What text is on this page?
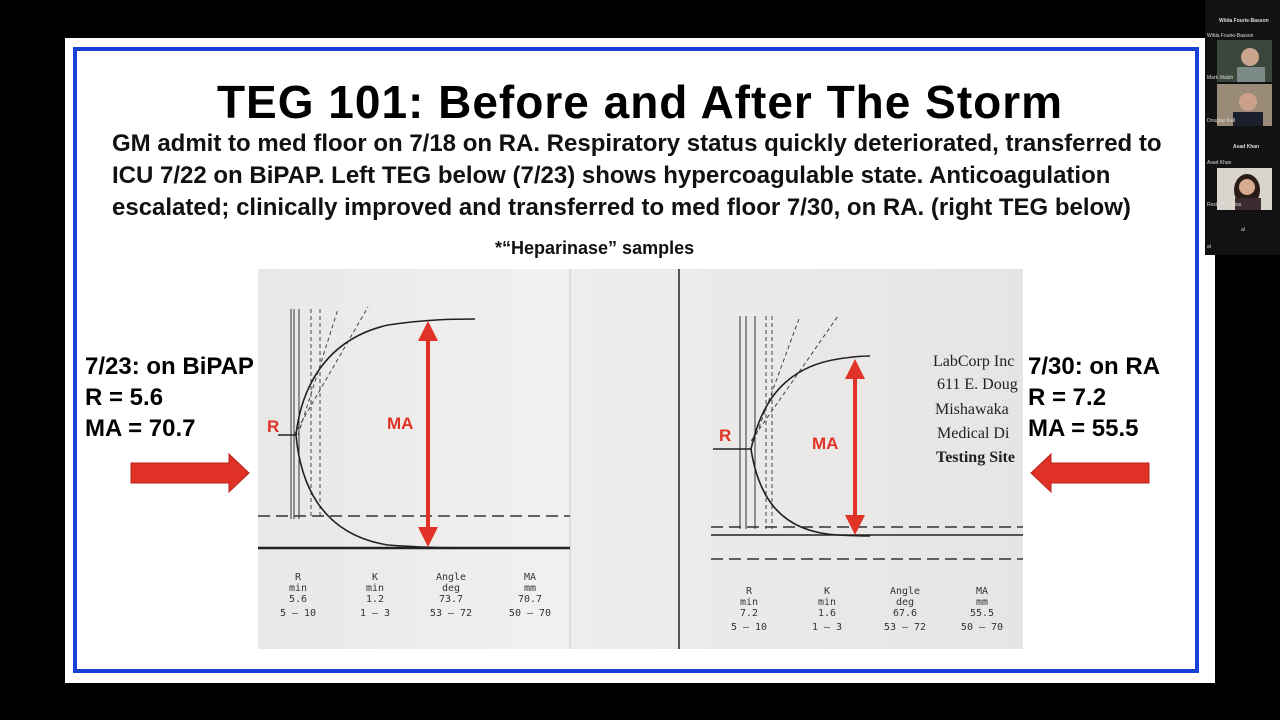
TEG 101: Before and After The Storm
GM admit to med floor on 7/18 on RA. Respiratory status quickly deteriorated, transferred to
ICU 7/22 on BiPAP. Left TEG below (7/23) shows hypercoagulable state. Anticoagulation
escalated; clinically improved and transferred to med floor 7/30, on RA. (right TEG below)
*“Heparinase” samples
R	MA
R
min
5.6
5 — 10
K
min
1.2
1 — 3
Angle
deg
73.7
53 — 72
MA
mm
70.7
50 — 70
R	MA
LabCorp Inc
611 E. Doug
Mishawaka
Medical Di
Testing Site
R
min
7.2
5 — 10
K
min
1.6
1 — 3
Angle
deg
67.6
53 — 72
MA
mm
55.5
50 — 70
7/23: on BiPAP
R = 5.6
MA = 70.7
7/30: on RA
R = 7.2
MA = 55.5
Wilda Fourie-Basson
Wilda Fourie-Basson
Mark Walsh
Douglas Kell
Asad Khan
Asad Khan
Resia Pretorius
al
al
